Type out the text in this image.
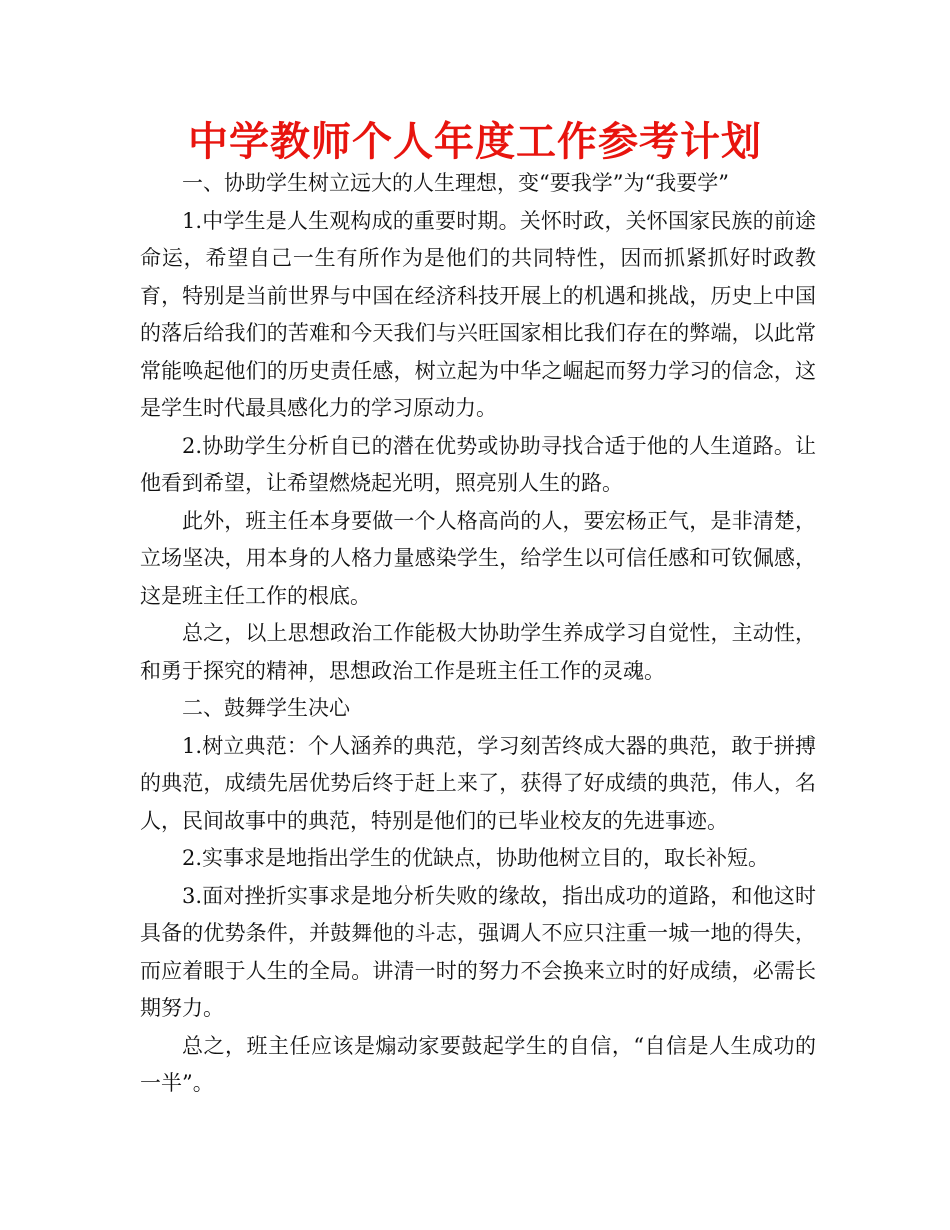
中学教师个人年度工作参考计划

一、协助学生树立远大的人生理想，变“要我学”为“我要学”

1.中学生是人生观构成的重要时期。关怀时政，关怀国家民族的前途命运，希望自己一生有所作为是他们的共同特性，因而抓紧抓好时政教育，特别是当前世界与中国在经济科技开展上的机遇和挑战，历史上中国的落后给我们的苦难和今天我们与兴旺国家相比我们存在的弊端，以此常常能唤起他们的历史责任感，树立起为中华之崛起而努力学习的信念，这是学生时代最具感化力的学习原动力。

2.协助学生分析自已的潜在优势或协助寻找合适于他的人生道路。让他看到希望，让希望燃烧起光明，照亮别人生的路。

此外，班主任本身要做一个人格高尚的人，要宏杨正气，是非清楚，立场坚决，用本身的人格力量感染学生，给学生以可信任感和可钦佩感，这是班主任工作的根底。

总之，以上思想政治工作能极大协助学生养成学习自觉性，主动性，和勇于探究的精神，思想政治工作是班主任工作的灵魂。

二、鼓舞学生决心

1.树立典范：个人涵养的典范，学习刻苦终成大器的典范，敢于拼搏的典范，成绩先居优势后终于赶上来了，获得了好成绩的典范，伟人，名人，民间故事中的典范，特别是他们的已毕业校友的先进事迹。

2.实事求是地指出学生的优缺点，协助他树立目的，取长补短。

3.面对挫折实事求是地分析失败的缘故，指出成功的道路，和他这时具备的优势条件，并鼓舞他的斗志，强调人不应只注重一城一地的得失，而应着眼于人生的全局。讲清一时的努力不会换来立时的好成绩，必需长期努力。

总之，班主任应该是煽动家要鼓起学生的自信，“自信是人生成功的一半”。
